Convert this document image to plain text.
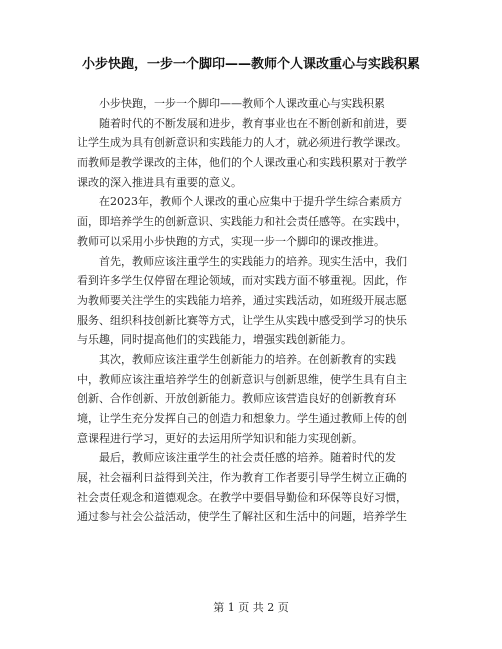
小步快跑，一步一个脚印——教师个人课改重心与实践积累
小步快跑，一步一个脚印——教师个人课改重心与实践积累
随着时代的不断发展和进步，教育事业也在不断创新和前进，要
让学生成为具有创新意识和实践能力的人才，就必须进行教学课改。
而教师是教学课改的主体，他们的个人课改重心和实践积累对于教学
课改的深入推进具有重要的意义。
在2023年，教师个人课改的重心应集中于提升学生综合素质方
面，即培养学生的创新意识、实践能力和社会责任感等。在实践中，
教师可以采用小步快跑的方式，实现一步一个脚印的课改推进。
首先，教师应该注重学生的实践能力的培养。现实生活中，我们
看到许多学生仅停留在理论领域，而对实践方面不够重视。因此，作
为教师要关注学生的实践能力培养，通过实践活动，如班级开展志愿
服务、组织科技创新比赛等方式，让学生从实践中感受到学习的快乐
与乐趣，同时提高他们的实践能力，增强实践创新能力。
其次，教师应该注重学生创新能力的培养。在创新教育的实践
中，教师应该注重培养学生的创新意识与创新思维，使学生具有自主
创新、合作创新、开放创新能力。教师应该营造良好的创新教育环
境，让学生充分发挥自己的创造力和想象力。学生通过教师上传的创
意课程进行学习，更好的去运用所学知识和能力实现创新。
最后，教师应该注重学生的社会责任感的培养。随着时代的发
展，社会福利日益得到关注，作为教育工作者要引导学生树立正确的
社会责任观念和道德观念。在教学中要倡导勤俭和环保等良好习惯，
通过参与社会公益活动，使学生了解社区和生活中的问题，培养学生
第 1 页 共 2 页
